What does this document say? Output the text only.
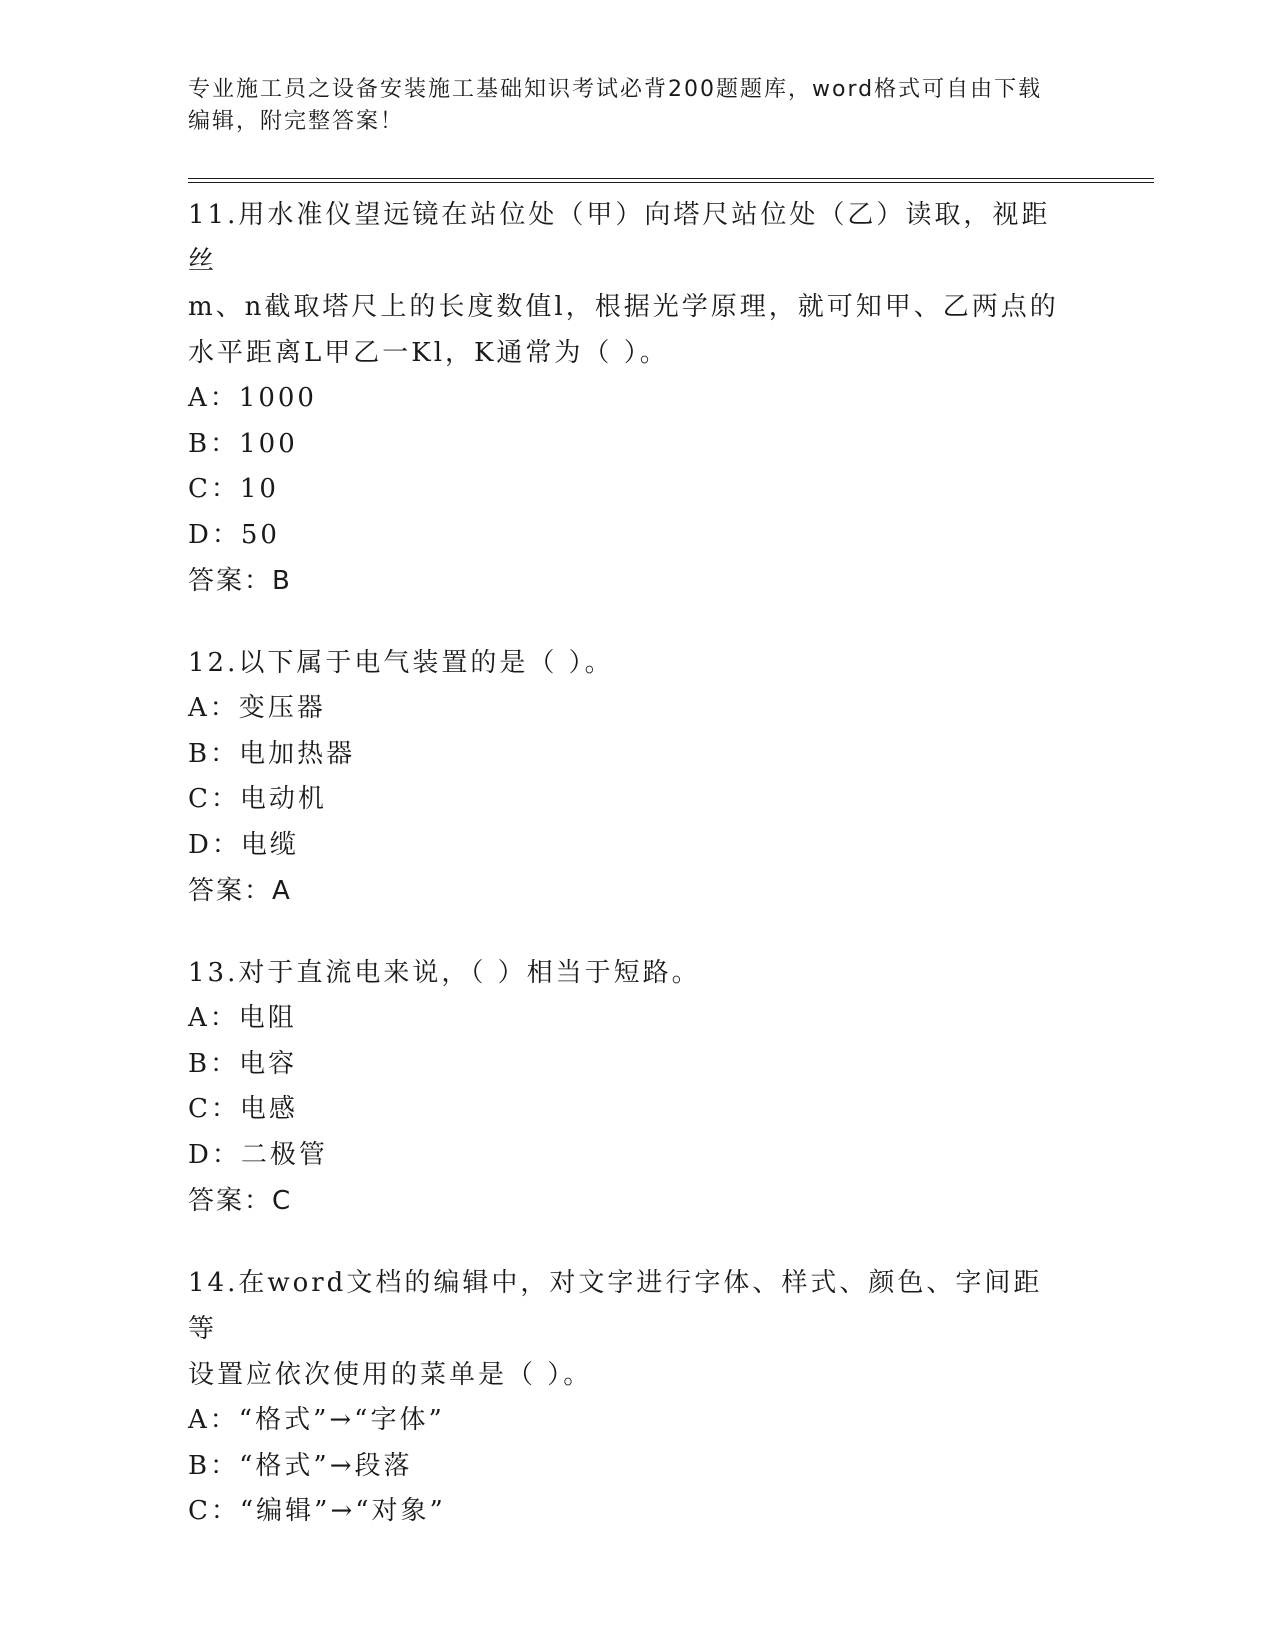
专业施工员之设备安装施工基础知识考试必背200题题库，word格式可自由下载
编辑，附完整答案！
11.用水准仪望远镜在站位处（甲）向塔尺站位处（乙）读取，视距丝
m、n截取塔尺上的长度数值l，根据光学原理，就可知甲、乙两点的
水平距离L甲乙一Kl，K通常为（ ）。
A：1000
B：100
C：10
D：50
答案：B
12.以下属于电气装置的是（ ）。
A：变压器
B：电加热器
C：电动机
D：电缆
答案：A
13.对于直流电来说，（ ）相当于短路。
A：电阻
B：电容
C：电感
D：二极管
答案：C
14.在word文档的编辑中，对文字进行字体、样式、颜色、字间距等
设置应依次使用的菜单是（ ）。
A：“格式”→“字体”
B：“格式”→段落
C：“编辑”→“对象”
